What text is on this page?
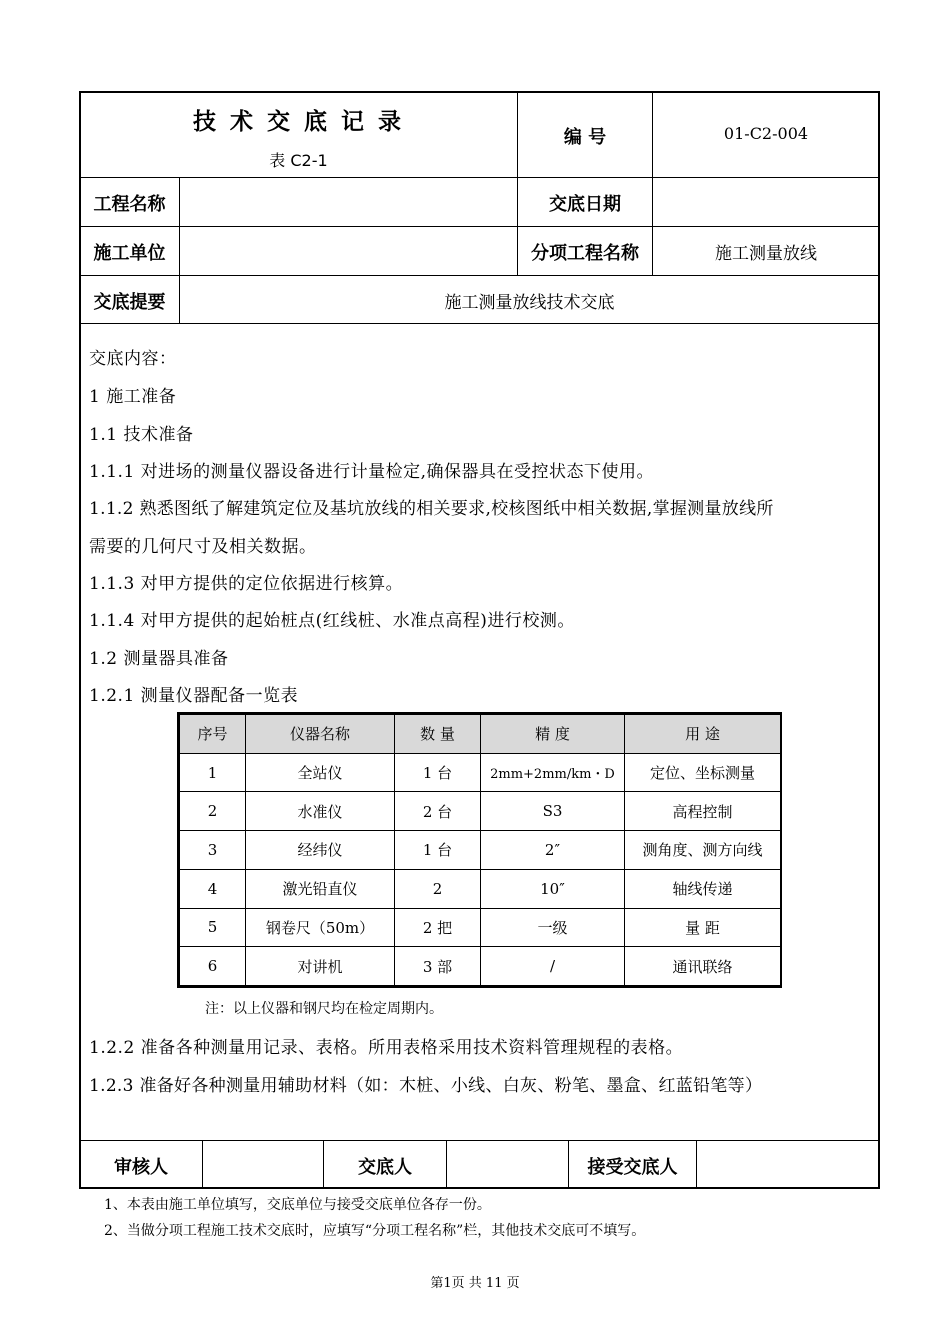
技 术 交 底 记 录
表 C2-1
编 号	01-C2-004
工程名称	交底日期
施工单位	分项工程名称	施工测量放线
交底提要	施工测量放线技术交底
交底内容：
1 施工准备
1.1 技术准备
1.1.1 对进场的测量仪器设备进行计量检定,确保器具在受控状态下使用。
1.1.2 熟悉图纸了解建筑定位及基坑放线的相关要求,校核图纸中相关数据,掌握测量放线所
需要的几何尺寸及相关数据。
1.1.3 对甲方提供的定位依据进行核算。
1.1.4 对甲方提供的起始桩点(红线桩、水准点高程)进行校测。
1.2 测量器具准备
1.2.1 测量仪器配备一览表
序号	仪器名称	数 量	精 度	用 途
1	全站仪	1 台	2mm+2mm/km・D	定位、坐标测量
2	水准仪	2 台	S3	高程控制
3	经纬仪	1 台	2″	测角度、测方向线
4	激光铅直仪	2	10″	轴线传递
5	钢卷尺（50m）	2 把	一级	量 距
6	对讲机	3 部	/	通讯联络
注：以上仪器和钢尺均在检定周期内。
1.2.2 准备各种测量用记录、表格。所用表格采用技术资料管理规程的表格。
1.2.3 准备好各种测量用辅助材料（如：木桩、小线、白灰、粉笔、墨盒、红蓝铅笔等）
审核人	交底人	接受交底人
1、本表由施工单位填写，交底单位与接受交底单位各存一份。
2、当做分项工程施工技术交底时，应填写“分项工程名称”栏，其他技术交底可不填写。
第1页 共 11 页
